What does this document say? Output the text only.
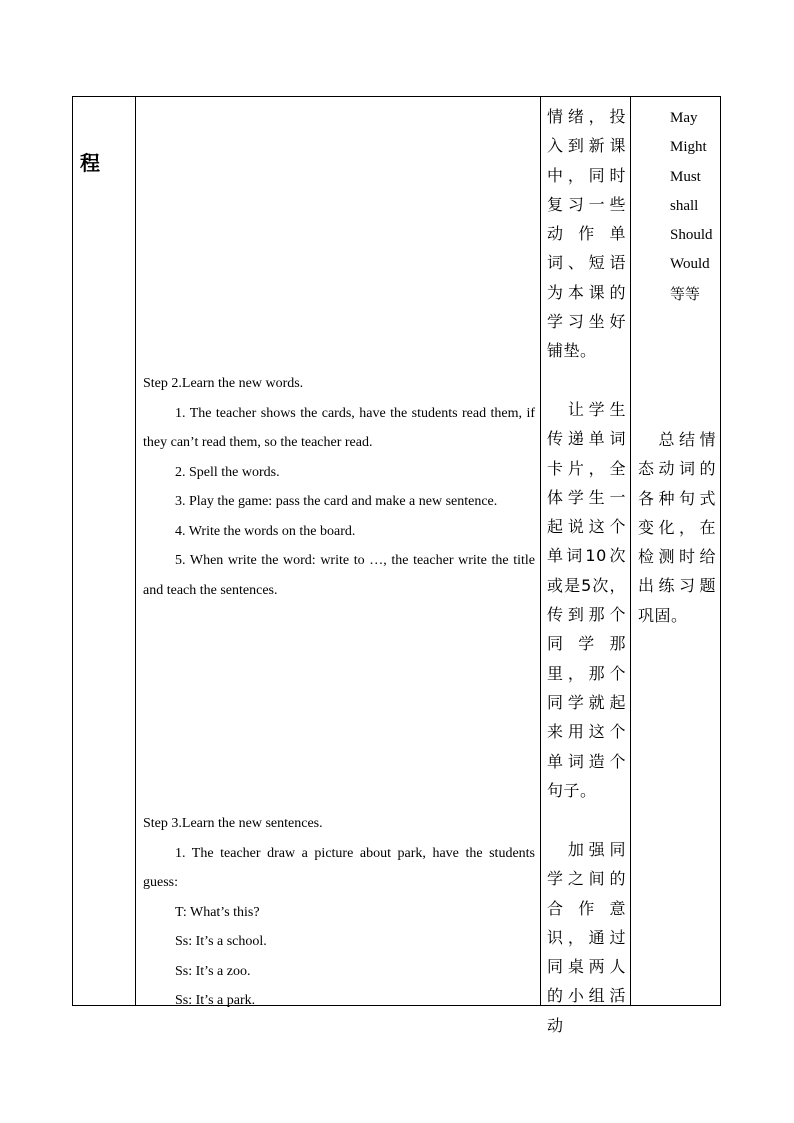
程

Step 2.Learn the new words.

1. The teacher shows the cards, have the students read them, if they can’t read them, so the teacher read.

2. Spell the words.

3. Play the game: pass the card and make a new sentence.

4. Write the words on the board.

5. When write the word: write to …, the teacher write the title and teach the sentences.

Step 3.Learn the new sentences.

1. The teacher draw a picture about park, have the students guess:

T: What’s this?

Ss: It’s a school.

Ss: It’s a zoo.

Ss: It’s a park.

情绪，投入到新课中，同时复习一些动作单词、短语为本课的学习坐好铺垫。

　让学生传递单词卡片，全体学生一起说这个单词10次或是5次，传到那个同学那里，那个同学就起来用这个单词造个句子。

　加强同学之间的合作意识，通过同桌两人的小组活动

May

Might

Must

shall

Should

Would

等等

　总结情态动词的各种句式变化，在检测时给出练习题巩固。
